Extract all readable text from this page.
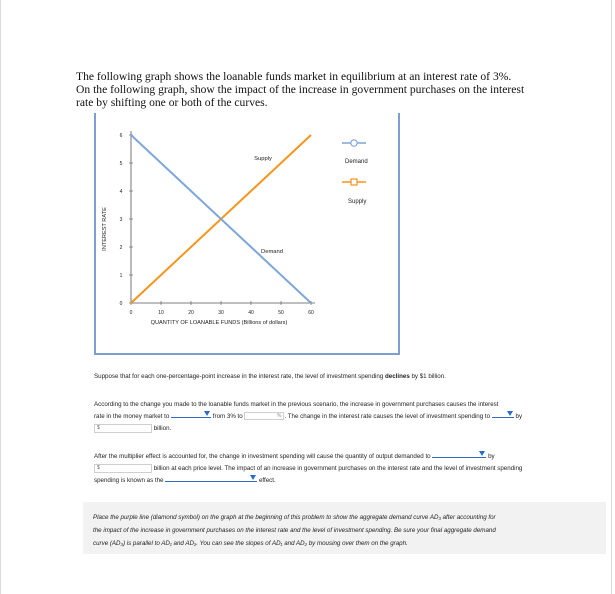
The following graph shows the loanable funds market in equilibrium at an interest rate of 3%.
On the following graph, show the impact of the increase in government purchases on the interest
rate by shifting one or both of the curves.
0
1
2
3
4
5
6
0	10	20	30	40	50	60
QUANTITY OF LOANABLE FUNDS (Billions of dollars)
INTEREST RATE
Supply
Demand
Demand
Supply
Suppose that for each one-percentage-point increase in the interest rate, the level of investment spending declines by $1 billion.
According to the change you made to the loanable funds market in the previous scenario, the increase in government purchases causes the interest
rate in the money market to	from 3% to	% . The change in the interest rate causes the level of investment spending to	by
$	billion.
After the multiplier effect is accounted for, the change in investment spending will cause the quantity of output demanded to	by
$	billion at each price level. The impact of an increase in government purchases on the interest rate and the level of investment spending
spending is known as the	effect.
Place the purple line (diamond symbol) on the graph at the beginning of this problem to show the aggregate demand curve AD₃ after accounting for
the impact of the increase in government purchases on the interest rate and the level of investment spending. Be sure your final aggregate demand
curve (AD₃) is parallel to AD₁ and AD₂. You can see the slopes of AD₁ and AD₂ by mousing over them on the graph.
